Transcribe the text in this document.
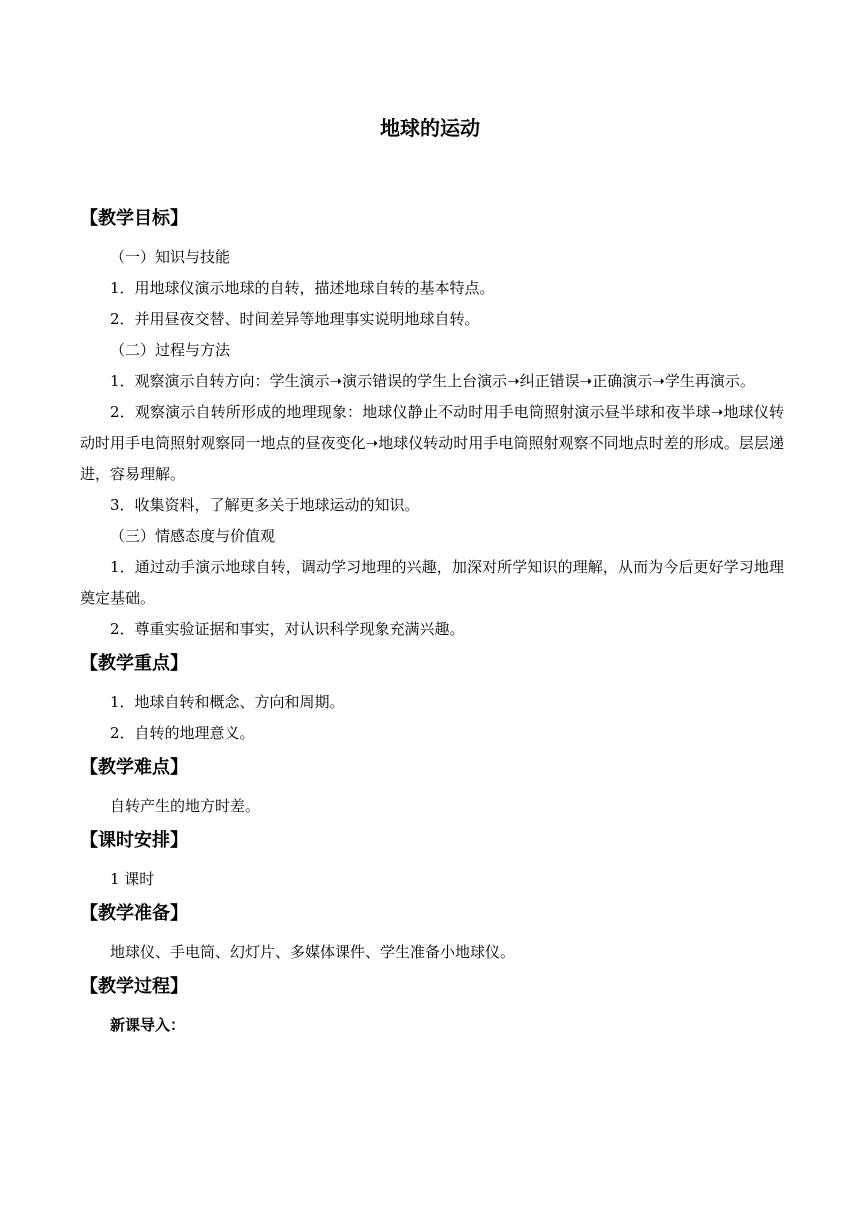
地球的运动
【教学目标】
（一）知识与技能
1．用地球仪演示地球的自转，描述地球自转的基本特点。
2．并用昼夜交替、时间差异等地理事实说明地球自转。
（二）过程与方法
1．观察演示自转方向：学生演示➝演示错误的学生上台演示➝纠正错误➝正确演示➝学生再演示。
2．观察演示自转所形成的地理现象：地球仪静止不动时用手电筒照射演示昼半球和夜半球➝地球仪转动时用手电筒照射观察同一地点的昼夜变化➝地球仪转动时用手电筒照射观察不同地点时差的形成。层层递进，容易理解。
3．收集资料，了解更多关于地球运动的知识。
（三）情感态度与价值观
1．通过动手演示地球自转，调动学习地理的兴趣，加深对所学知识的理解，从而为今后更好学习地理奠定基础。
2．尊重实验证据和事实，对认识科学现象充满兴趣。
【教学重点】
1．地球自转和概念、方向和周期。
2．自转的地理意义。
【教学难点】
自转产生的地方时差。
【课时安排】
1 课时
【教学准备】
地球仪、手电筒、幻灯片、多媒体课件、学生准备小地球仪。
【教学过程】
新课导入：
